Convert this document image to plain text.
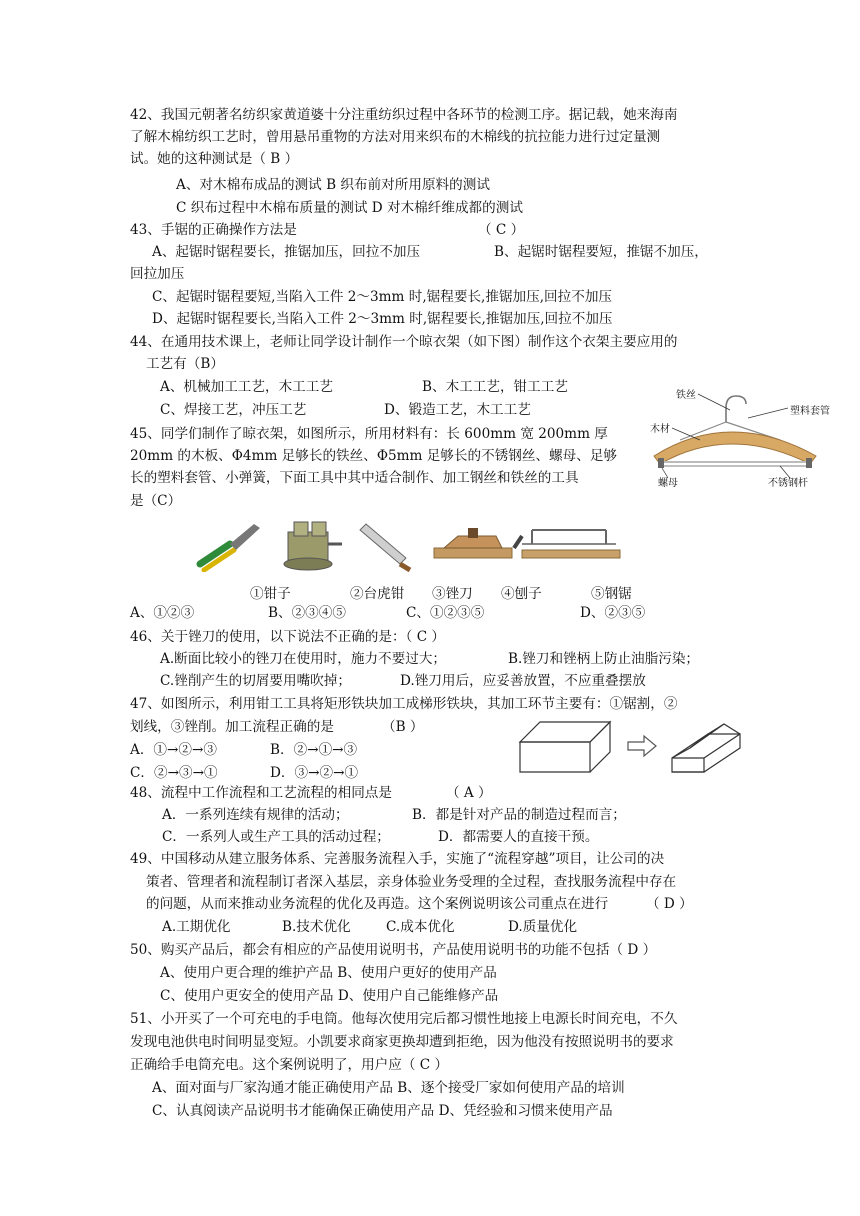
42、我国元朝著名纺织家黄道婆十分注重纺织过程中各环节的检测工序。据记载，她来海南
了解木棉纺织工艺时，曾用悬吊重物的方法对用来织布的木棉线的抗拉能力进行过定量测
试。她的这种测试是（ B ）
A、对木棉布成品的测试 B 织布前对所用原料的测试
C 织布过程中木棉布质量的测试 D 对木棉纤维成都的测试
43、手锯的正确操作方法是	（ C ）
A、起锯时锯程要长，推锯加压，回拉不加压	B、起锯时锯程要短，推锯不加压，
回拉加压
C、起锯时锯程要短,当陷入工件 2～3mm 时,锯程要长,推锯加压,回拉不加压
D、起锯时锯程要长,当陷入工件 2～3mm 时,锯程要长,推锯加压,回拉不加压
44、在通用技术课上，老师让同学设计制作一个晾衣架（如下图）制作这个衣架主要应用的
工艺有（B）
A、机械加工工艺，木工工艺	B、木工工艺，钳工工艺
C、焊接工艺，冲压工艺	D、锻造工艺，木工工艺
铁丝
塑料套管
木材
螺母	不锈钢杆
45、同学们制作了晾衣架，如图所示，所用材料有：长 600mm 宽 200mm 厚
20mm 的木板、Φ4mm 足够长的铁丝、Φ5mm 足够长的不锈钢丝、螺母、足够
长的塑料套管、小弹簧，下面工具中其中适合制作、加工钢丝和铁丝的工具
是（C）
①钳子	②台虎钳 ③锉刀 ④刨子	⑤钢锯
A、①②③	B、②③④⑤	C、①②③⑤	D、②③⑤
46、关于锉刀的使用，以下说法不正确的是：（ C ）
A.断面比较小的锉刀在使用时，施力不要过大；	B.锉刀和锉柄上防止油脂污染；
C.锉削产生的切屑要用嘴吹掉；	D.锉刀用后，应妥善放置，不应重叠摆放
47、如图所示，利用钳工工具将矩形铁块加工成梯形铁块，其加工环节主要有：①锯割，②
划线，③锉削。加工流程正确的是	（B ）
A．①→②→③	B．②→①→③
C．②→③→①	D．③→②→①
48、流程中工作流程和工艺流程的相同点是	（ A ）
A．一系列连续有规律的活动；	B．都是针对产品的制造过程而言；
C．一系列人或生产工具的活动过程；	D．都需要人的直接干预。
49、中国移动从建立服务体系、完善服务流程入手，实施了“流程穿越”项目，让公司的决
策者、管理者和流程制订者深入基层，亲身体验业务受理的全过程，查找服务流程中存在
的问题，从而来推动业务流程的优化及再造。这个案例说明该公司重点在进行	（ D ）
A.工期优化	B.技术优化	C.成本优化	D.质量优化
50、购买产品后，都会有相应的产品使用说明书，产品使用说明书的功能不包括（ D ）
A、使用户更合理的维护产品 B、使用户更好的使用产品
C、使用户更安全的使用产品 D、使用户自己能维修产品
51、小开买了一个可充电的手电筒。他每次使用完后都习惯性地接上电源长时间充电，不久
发现电池供电时间明显变短。小凯要求商家更换却遭到拒绝，因为他没有按照说明书的要求
正确给手电筒充电。这个案例说明了，用户应（ C ）
A、面对面与厂家沟通才能正确使用产品 B、逐个接受厂家如何使用产品的培训
C、认真阅读产品说明书才能确保正确使用产品 D、凭经验和习惯来使用产品
